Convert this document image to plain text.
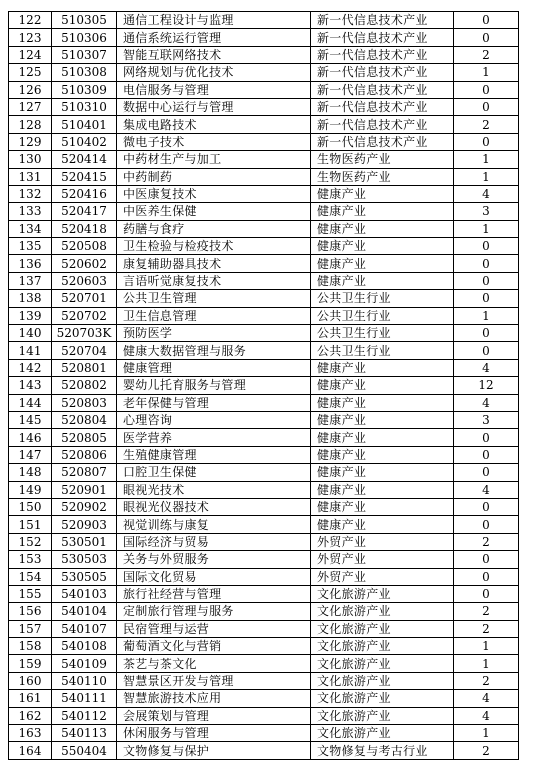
122	510305	通信工程设计与监理	新一代信息技术产业	0
123	510306	通信系统运行管理	新一代信息技术产业	0
124	510307	智能互联网络技术	新一代信息技术产业	2
125	510308	网络规划与优化技术	新一代信息技术产业	1
126	510309	电信服务与管理	新一代信息技术产业	0
127	510310	数据中心运行与管理	新一代信息技术产业	0
128	510401	集成电路技术	新一代信息技术产业	2
129	510402	微电子技术	新一代信息技术产业	0
130	520414	中药材生产与加工	生物医药产业	1
131	520415	中药制药	生物医药产业	1
132	520416	中医康复技术	健康产业	4
133	520417	中医养生保健	健康产业	3
134	520418	药膳与食疗	健康产业	1
135	520508	卫生检验与检疫技术	健康产业	0
136	520602	康复辅助器具技术	健康产业	0
137	520603	言语听觉康复技术	健康产业	0
138	520701	公共卫生管理	公共卫生行业	0
139	520702	卫生信息管理	公共卫生行业	1
140	520703K	预防医学	公共卫生行业	0
141	520704	健康大数据管理与服务	公共卫生行业	0
142	520801	健康管理	健康产业	4
143	520802	婴幼儿托育服务与管理	健康产业	12
144	520803	老年保健与管理	健康产业	4
145	520804	心理咨询	健康产业	3
146	520805	医学营养	健康产业	0
147	520806	生殖健康管理	健康产业	0
148	520807	口腔卫生保健	健康产业	0
149	520901	眼视光技术	健康产业	4
150	520902	眼视光仪器技术	健康产业	0
151	520903	视觉训练与康复	健康产业	0
152	530501	国际经济与贸易	外贸产业	2
153	530503	关务与外贸服务	外贸产业	0
154	530505	国际文化贸易	外贸产业	0
155	540103	旅行社经营与管理	文化旅游产业	0
156	540104	定制旅行管理与服务	文化旅游产业	2
157	540107	民宿管理与运营	文化旅游产业	2
158	540108	葡萄酒文化与营销	文化旅游产业	1
159	540109	茶艺与茶文化	文化旅游产业	1
160	540110	智慧景区开发与管理	文化旅游产业	2
161	540111	智慧旅游技术应用	文化旅游产业	4
162	540112	会展策划与管理	文化旅游产业	4
163	540113	休闲服务与管理	文化旅游产业	1
164	550404	文物修复与保护	文物修复与考古行业	2
